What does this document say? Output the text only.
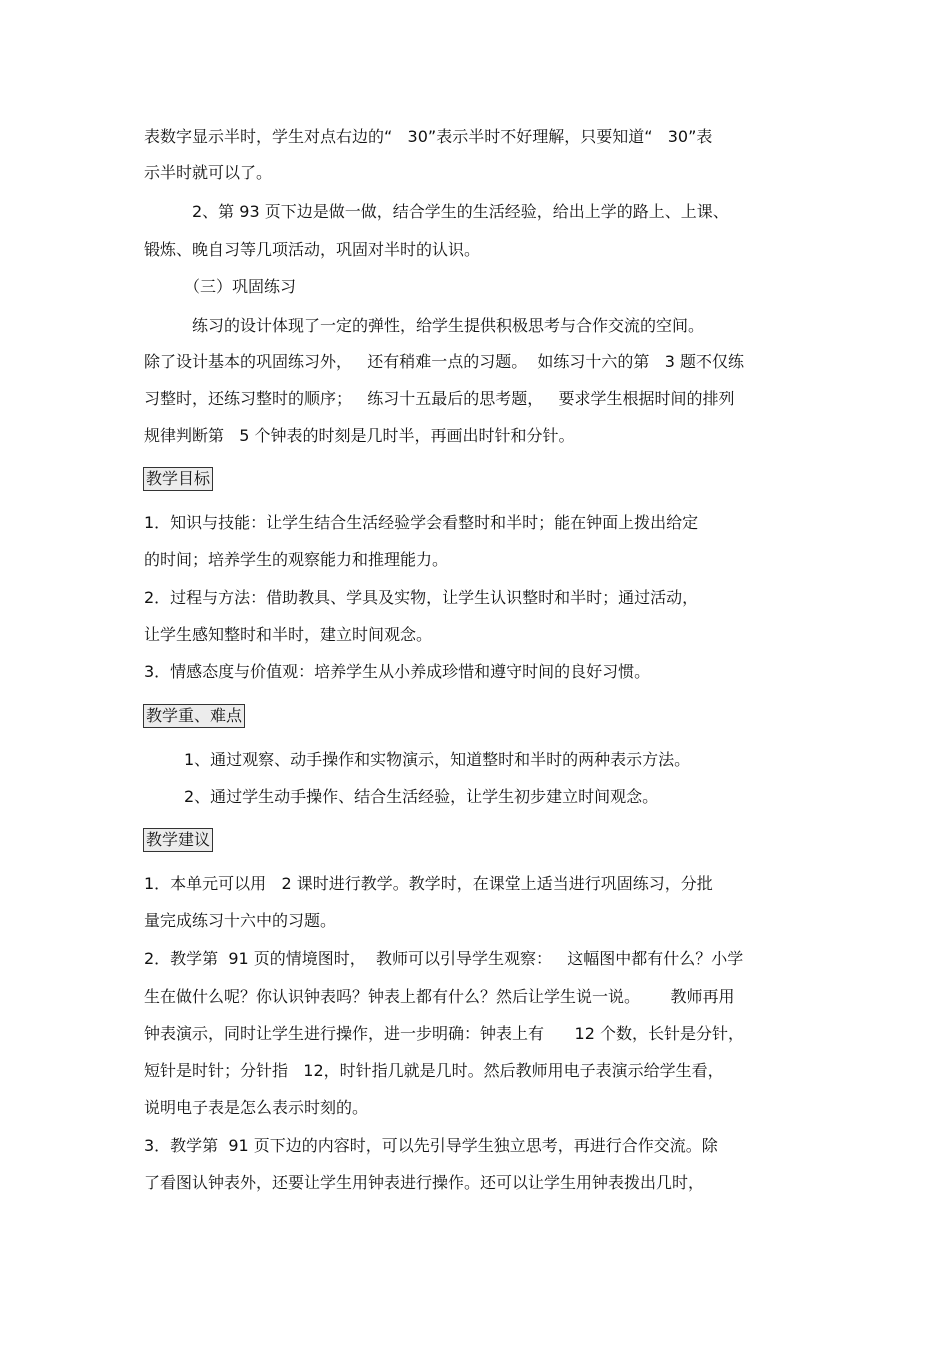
表数字显示半时，学生对点右边的“   30”表示半时不好理解，只要知道“   30”表
示半时就可以了。
2、第 93 页下边是做一做，结合学生的生活经验，给出上学的路上、上课、
锻炼、晚自习等几项活动，巩固对半时的认识。
（三）巩固练习
练习的设计体现了一定的弹性，给学生提供积极思考与合作交流的空间。
除了设计基本的巩固练习外，   还有稍难一点的习题。  如练习十六的第   3 题不仅练
习整时，还练习整时的顺序；   练习十五最后的思考题，   要求学生根据时间的排列
规律判断第   5 个钟表的时刻是几时半，再画出时针和分针。
教学目标
1．知识与技能：让学生结合生活经验学会看整时和半时；能在钟面上拨出给定
的时间；培养学生的观察能力和推理能力。
2．过程与方法：借助教具、学具及实物，让学生认识整时和半时；通过活动，
让学生感知整时和半时，建立时间观念。
3．情感态度与价值观：培养学生从小养成珍惜和遵守时间的良好习惯。
教学重、难点
1、通过观察、动手操作和实物演示，知道整时和半时的两种表示方法。
2、通过学生动手操作、结合生活经验，让学生初步建立时间观念。
教学建议
1．本单元可以用   2 课时进行教学。教学时，在课堂上适当进行巩固练习，分批
量完成练习十六中的习题。
2．教学第  91 页的情境图时，  教师可以引导学生观察：   这幅图中都有什么？小学
生在做什么呢？你认识钟表吗？钟表上都有什么？然后让学生说一说。      教师再用
钟表演示，同时让学生进行操作，进一步明确：钟表上有      12 个数，长针是分针，
短针是时针；分针指   12，时针指几就是几时。然后教师用电子表演示给学生看，
说明电子表是怎么表示时刻的。
3．教学第  91 页下边的内容时，可以先引导学生独立思考，再进行合作交流。除
了看图认钟表外，还要让学生用钟表进行操作。还可以让学生用钟表拨出几时，
